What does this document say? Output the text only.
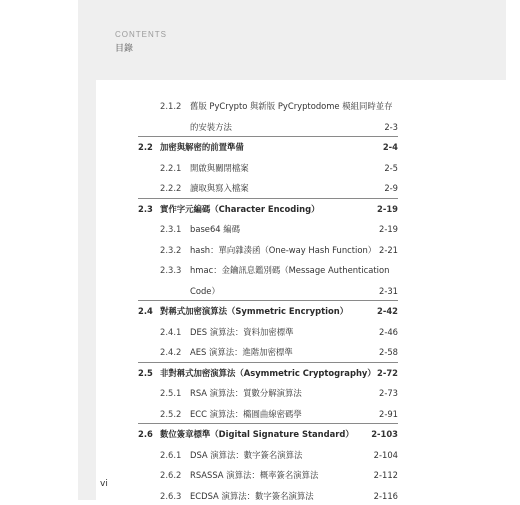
CONTENTS
目錄
2.1.2 舊版 PyCrypto 與新版 PyCryptodome 模組同時並存
的安裝方法	2-3
2.2 加密與解密的前置準備	2-4
2.2.1 開啟與關閉檔案	2-5
2.2.2 讀取與寫入檔案	2-9
2.3 實作字元編碼（Character Encoding）	2-19
2.3.1 base64 編碼	2-19
2.3.2 hash：單向雜湊函（One-way Hash Function） 2-21
2.3.3 hmac：金鑰訊息鑑別碼（Message Authentication
Code）	2-31
2.4 對稱式加密演算法（Symmetric Encryption）	2-42
2.4.1 DES 演算法：資料加密標準	2-46
2.4.2 AES 演算法：進階加密標準	2-58
2.5 非對稱式加密演算法（Asymmetric Cryptography） 2-72
2.5.1 RSA 演算法：質數分解演算法	2-73
2.5.2 ECC 演算法：橢圓曲線密碼學	2-91
2.6 數位簽章標準（Digital Signature Standard）	2-103
2.6.1 DSA 演算法：數字簽名演算法	2-104
2.6.2 RSASSA 演算法：概率簽名演算法	2-112
2.6.3 ECDSA 演算法：數字簽名演算法	2-116
vi
